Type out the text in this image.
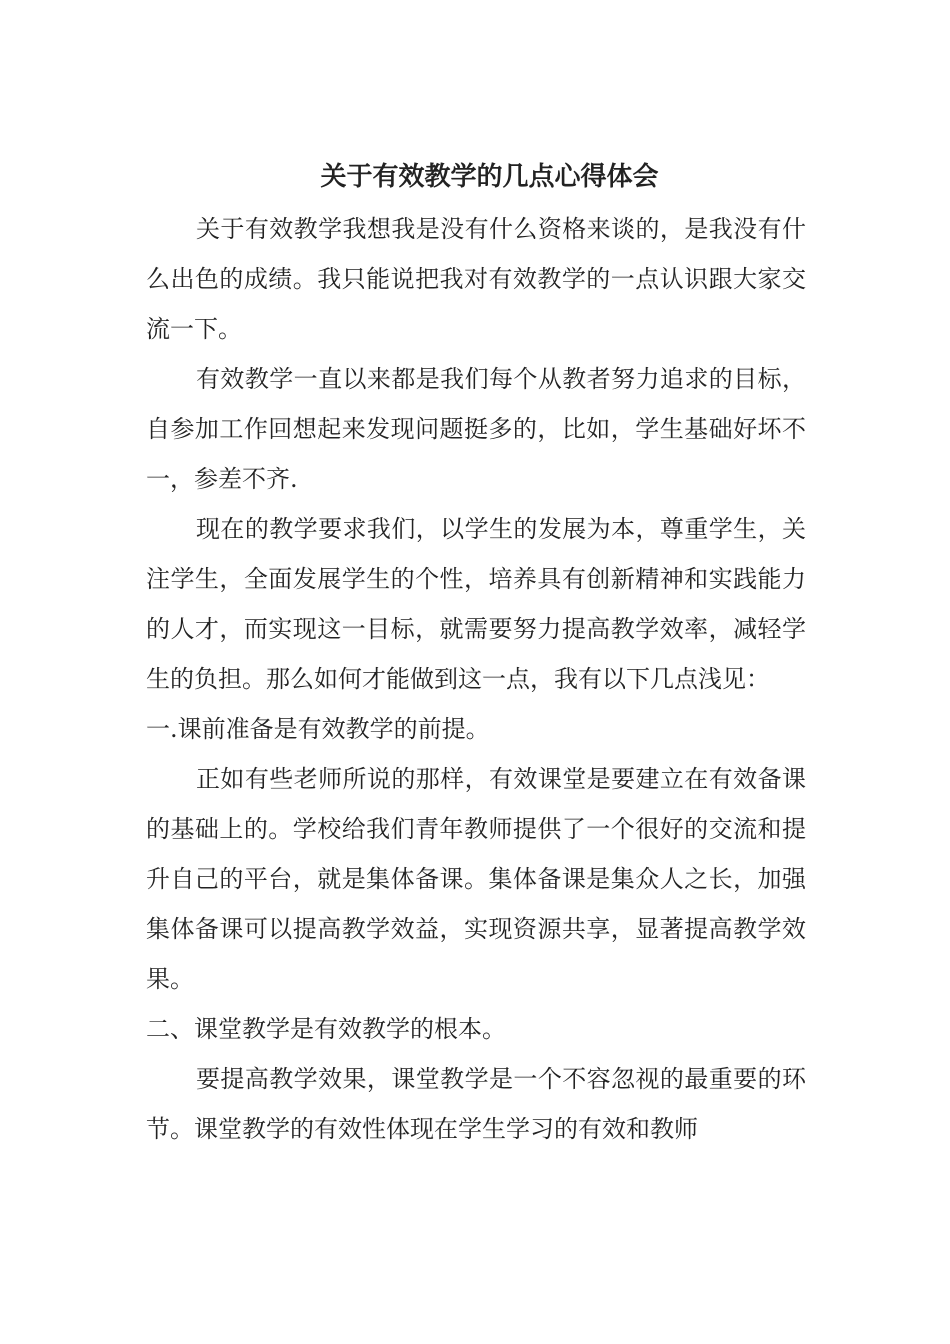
关于有效教学的几点心得体会

关于有效教学我想我是没有什么资格来谈的，是我没有什么出色的成绩。我只能说把我对有效教学的一点认识跟大家交流一下。

有效教学一直以来都是我们每个从教者努力追求的目标，自参加工作回想起来发现问题挺多的，比如，学生基础好坏不一，参差不齐.

现在的教学要求我们，以学生的发展为本，尊重学生，关注学生，全面发展学生的个性，培养具有创新精神和实践能力的人才，而实现这一目标，就需要努力提高教学效率，减轻学生的负担。那么如何才能做到这一点，我有以下几点浅见：

一.课前准备是有效教学的前提。

正如有些老师所说的那样，有效课堂是要建立在有效备课的基础上的。学校给我们青年教师提供了一个很好的交流和提升自己的平台，就是集体备课。集体备课是集众人之长，加强集体备课可以提高教学效益，实现资源共享，显著提高教学效果。

二、课堂教学是有效教学的根本。

要提高教学效果，课堂教学是一个不容忽视的最重要的环节。课堂教学的有效性体现在学生学习的有效和教师
